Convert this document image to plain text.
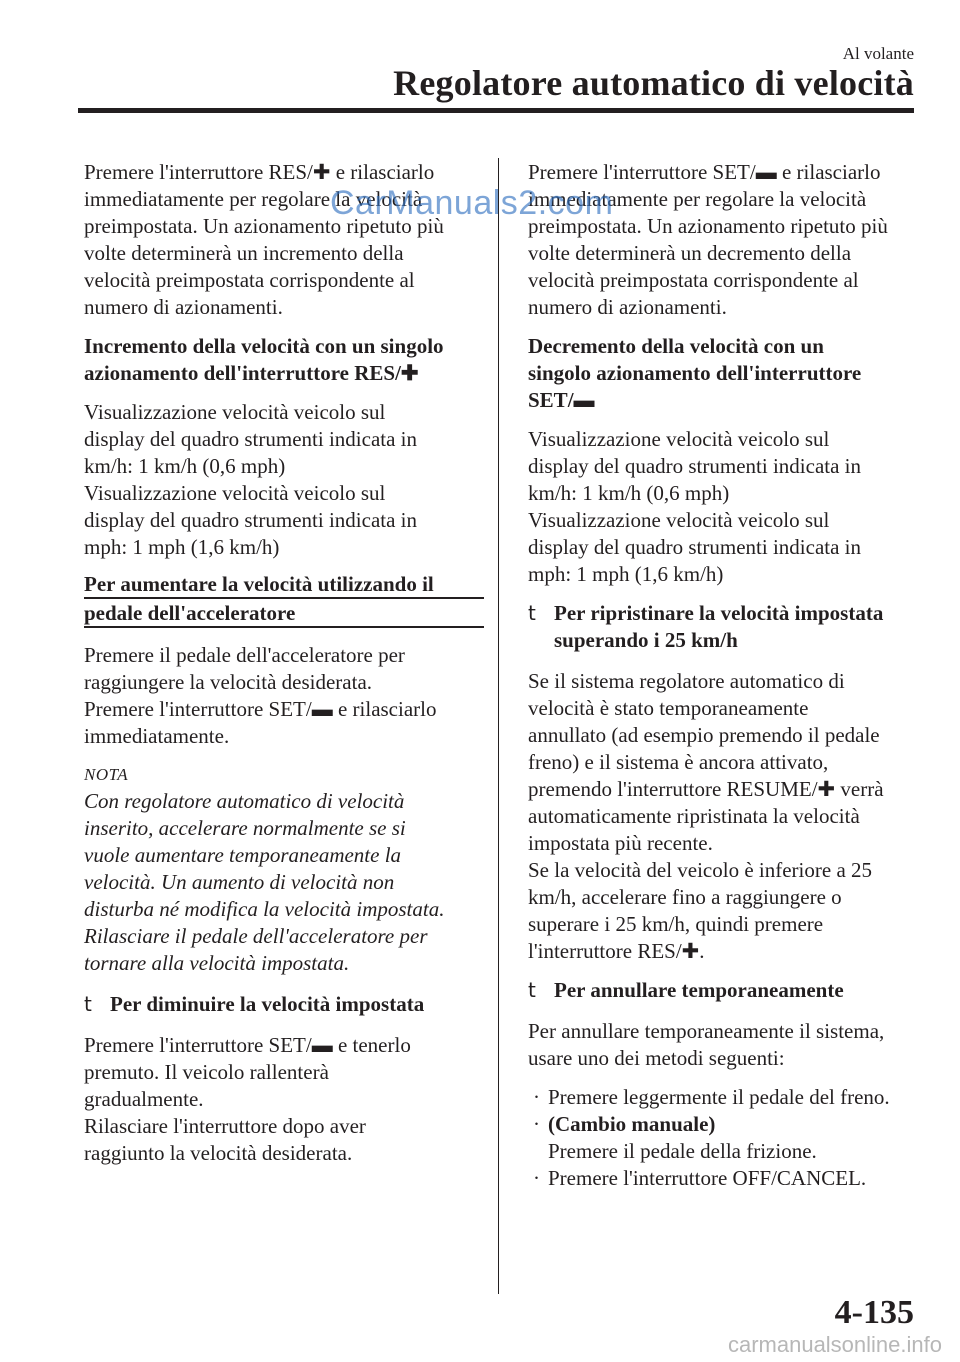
Al volante
Regolatore automatico di velocità

Premere l'interruttore RES/✚ e rilasciarlo
immediatamente per regolare la velocità
preimpostata. Un azionamento ripetuto più
volte determinerà un incremento della
velocità preimpostata corrispondente al
numero di azionamenti.

Incremento della velocità con un singolo
azionamento dell'interruttore RES/✚

Visualizzazione velocità veicolo sul
display del quadro strumenti indicata in
km/h: 1 km/h (0,6 mph)
Visualizzazione velocità veicolo sul
display del quadro strumenti indicata in
mph: 1 mph (1,6 km/h)

Per aumentare la velocità utilizzando il
pedale dell'acceleratore

Premere il pedale dell'acceleratore per
raggiungere la velocità desiderata.
Premere l'interruttore SET/▬ e rilasciarlo
immediatamente.

NOTA

Con regolatore automatico di velocità
inserito, accelerare normalmente se si
vuole aumentare temporaneamente la
velocità. Un aumento di velocità non
disturba né modifica la velocità impostata.
Rilasciare il pedale dell'acceleratore per
tornare alla velocità impostata.

t Per diminuire la velocità impostata

Premere l'interruttore SET/▬ e tenerlo
premuto. Il veicolo rallenterà
gradualmente.
Rilasciare l'interruttore dopo aver
raggiunto la velocità desiderata.

Premere l'interruttore SET/▬ e rilasciarlo
immediatamente per regolare la velocità
preimpostata. Un azionamento ripetuto più
volte determinerà un decremento della
velocità preimpostata corrispondente al
numero di azionamenti.

Decremento della velocità con un
singolo azionamento dell'interruttore
SET/▬

Visualizzazione velocità veicolo sul
display del quadro strumenti indicata in
km/h: 1 km/h (0,6 mph)
Visualizzazione velocità veicolo sul
display del quadro strumenti indicata in
mph: 1 mph (1,6 km/h)

t Per ripristinare la velocità impostata
superando i 25 km/h

Se il sistema regolatore automatico di
velocità è stato temporaneamente
annullato (ad esempio premendo il pedale
freno) e il sistema è ancora attivato,
premendo l'interruttore RESUME/✚ verrà
automaticamente ripristinata la velocità
impostata più recente.
Se la velocità del veicolo è inferiore a 25
km/h, accelerare fino a raggiungere o
superare i 25 km/h, quindi premere
l'interruttore RES/✚.

t Per annullare temporaneamente

Per annullare temporaneamente il sistema,
usare uno dei metodi seguenti:

· Premere leggermente il pedale del freno.
· (Cambio manuale)
Premere il pedale della frizione.
· Premere l'interruttore OFF/CANCEL.
CarManuals2.com
4-135
carmanualsonline.info
